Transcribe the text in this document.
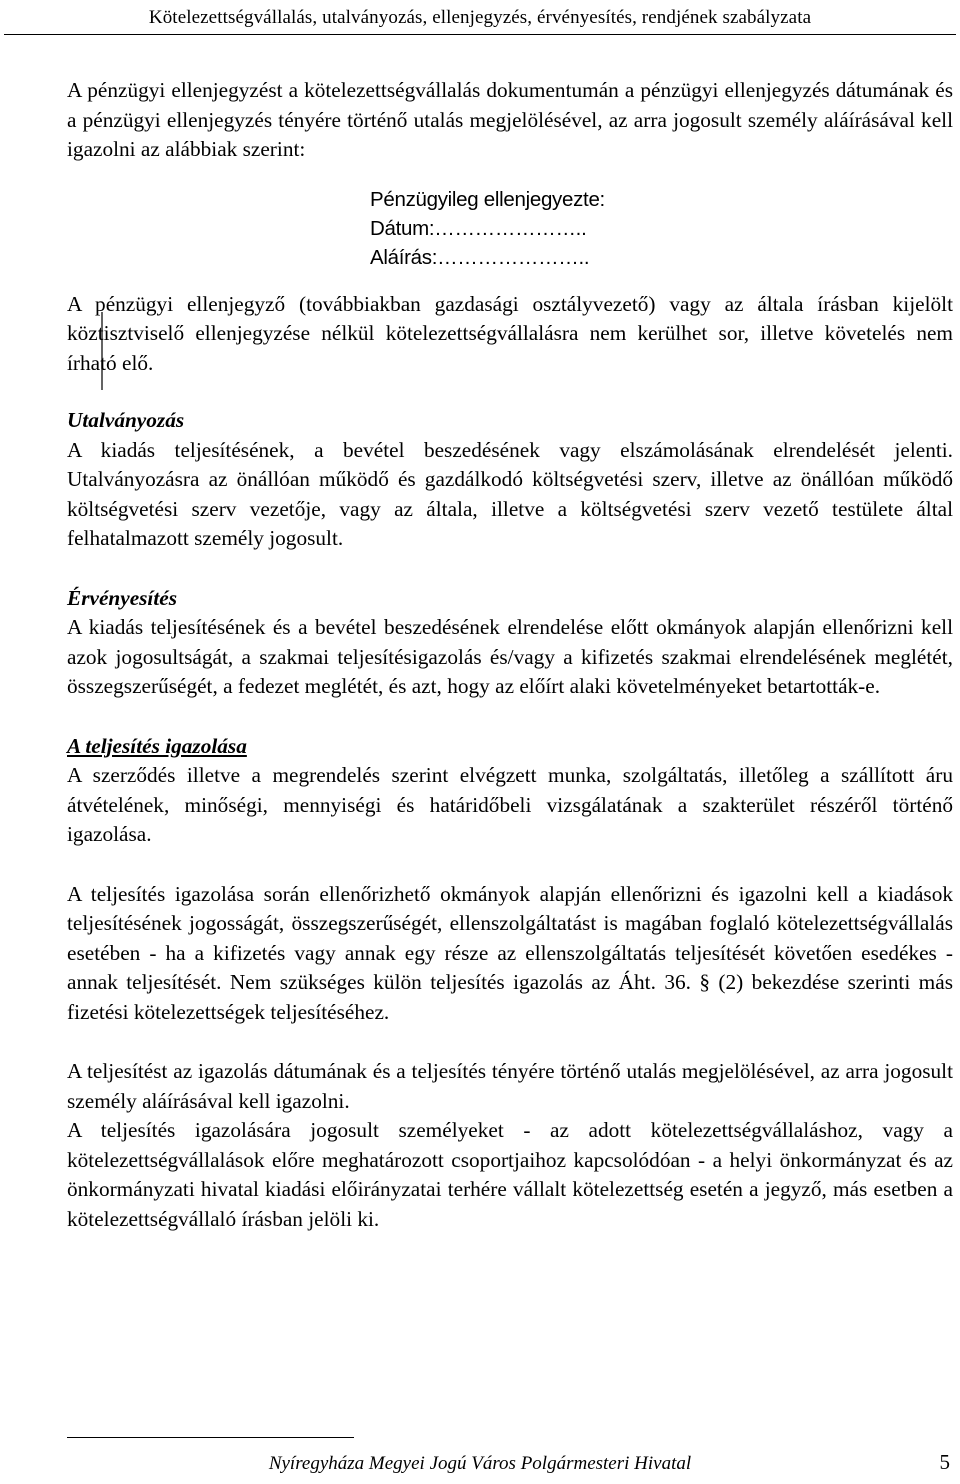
Kötelezettségvállalás, utalványozás, ellenjegyzés, érvényesítés, rendjének szabályzata

A pénzügyi ellenjegyzést a kötelezettségvállalás dokumentumán a pénzügyi ellenjegyzés dátumának és a pénzügyi ellenjegyzés tényére történő utalás megjelölésével, az arra jogosult személy aláírásával kell igazolni az alábbiak szerint:

Pénzügyileg ellenjegyezte:
Dátum:…………………..
Aláírás:…………………..

A pénzügyi ellenjegyző (továbbiakban gazdasági osztályvezető) vagy az általa írásban kijelölt köztisztviselő ellenjegyzése nélkül kötelezettségvállalásra nem kerülhet sor, illetve követelés nem írható elő.

Utalványozás

A kiadás teljesítésének, a bevétel beszedésének vagy elszámolásának elrendelését jelenti. Utalványozásra az önállóan működő és gazdálkodó költségvetési szerv, illetve az önállóan működő költségvetési szerv vezetője, vagy az általa, illetve a költségvetési szerv vezető testülete által felhatalmazott személy jogosult.

Érvényesítés

A kiadás teljesítésének és a bevétel beszedésének elrendelése előtt okmányok alapján ellenőrizni kell azok jogosultságát, a szakmai teljesítésigazolás és/vagy a kifizetés szakmai elrendelésének meglétét, összegszerűségét, a fedezet meglétét, és azt, hogy az előírt alaki követelményeket betartották-e.

A teljesítés igazolása

A szerződés illetve a megrendelés szerint elvégzett munka, szolgáltatás, illetőleg a szállított áru átvételének, minőségi, mennyiségi és határidőbeli vizsgálatának a szakterület részéről történő igazolása.

A teljesítés igazolása során ellenőrizhető okmányok alapján ellenőrizni és igazolni kell a kiadások teljesítésének jogosságát, összegszerűségét, ellenszolgáltatást is magában foglaló kötelezettségvállalás esetében - ha a kifizetés vagy annak egy része az ellenszolgáltatás teljesítését követően esedékes - annak teljesítését. Nem szükséges külön teljesítés igazolás az Áht. 36. § (2) bekezdése szerinti más fizetési kötelezettségek teljesítéséhez.

A teljesítést az igazolás dátumának és a teljesítés tényére történő utalás megjelölésével, az arra jogosult személy aláírásával kell igazolni.

A teljesítés igazolására jogosult személyeket - az adott kötelezettségvállaláshoz, vagy a kötelezettségvállalások előre meghatározott csoportjaihoz kapcsolódóan - a helyi önkormányzat és az önkormányzati hivatal kiadási előirányzatai terhére vállalt kötelezettség esetén a jegyző, más esetben a kötelezettségvállaló írásban jelöli ki.

Nyíregyháza Megyei Jogú Város Polgármesteri Hivatal	5
